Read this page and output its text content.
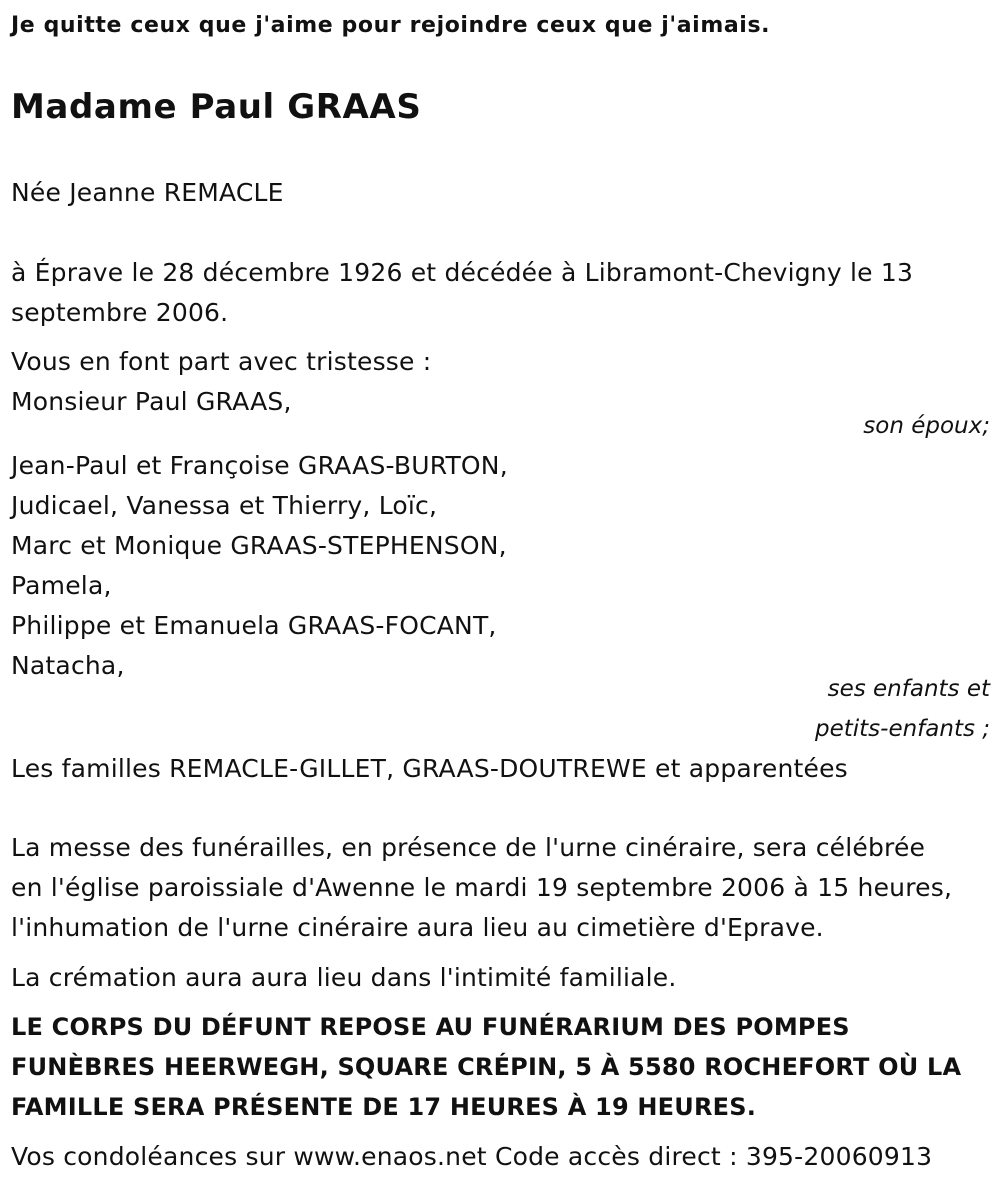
Je quitte ceux que j'aime pour rejoindre ceux que j'aimais.
Madame Paul GRAAS
Née Jeanne REMACLE
à Éprave le 28 décembre 1926 et décédée à Libramont-Chevigny le 13
septembre 2006.
Vous en font part avec tristesse :
Monsieur Paul GRAAS,
son époux;
Jean-Paul et Françoise GRAAS-BURTON,
Judicael, Vanessa et Thierry, Loïc,
Marc et Monique GRAAS-STEPHENSON,
Pamela,
Philippe et Emanuela GRAAS-FOCANT,
Natacha,
ses enfants et
petits-enfants ;
Les familles REMACLE-GILLET, GRAAS-DOUTREWE et apparentées
La messe des funérailles, en présence de l'urne cinéraire, sera célébrée
en l'église paroissiale d'Awenne le mardi 19 septembre 2006 à 15 heures,
l'inhumation de l'urne cinéraire aura lieu au cimetière d'Eprave.
La crémation aura aura lieu dans l'intimité familiale.
LE CORPS DU DÉFUNT REPOSE AU FUNÉRARIUM DES POMPES
FUNÈBRES HEERWEGH, SQUARE CRÉPIN, 5 À 5580 ROCHEFORT OÙ LA
FAMILLE SERA PRÉSENTE DE 17 HEURES À 19 HEURES.
Vos condoléances sur www.enaos.net Code accès direct : 395-20060913
